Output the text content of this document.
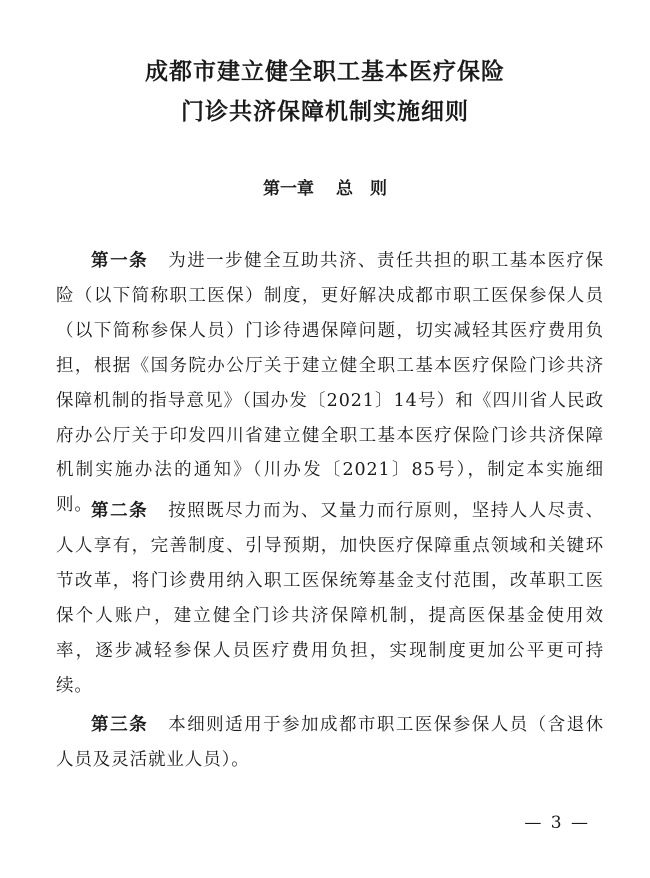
成都市建立健全职工基本医疗保险
门诊共济保障机制实施细则
第一章 总　则

第一条 为进一步健全互助共济、责任共担的职工基本医疗保险（以下简称职工医保）制度，更好解决成都市职工医保参保人员（以下简称参保人员）门诊待遇保障问题，切实减轻其医疗费用负担，根据《国务院办公厅关于建立健全职工基本医疗保险门诊共济保障机制的指导意见》（国办发〔2021〕14号）和《四川省人民政府办公厅关于印发四川省建立健全职工基本医疗保险门诊共济保障机制实施办法的通知》（川办发〔2021〕85号），制定本实施细则。

第二条 按照既尽力而为、又量力而行原则，坚持人人尽责、人人享有，完善制度、引导预期，加快医疗保障重点领域和关键环节改革，将门诊费用纳入职工医保统筹基金支付范围，改革职工医保个人账户，建立健全门诊共济保障机制，提高医保基金使用效率，逐步减轻参保人员医疗费用负担，实现制度更加公平更可持续。

第三条 本细则适用于参加成都市职工医保参保人员（含退休人员及灵活就业人员）。

— 3 —
